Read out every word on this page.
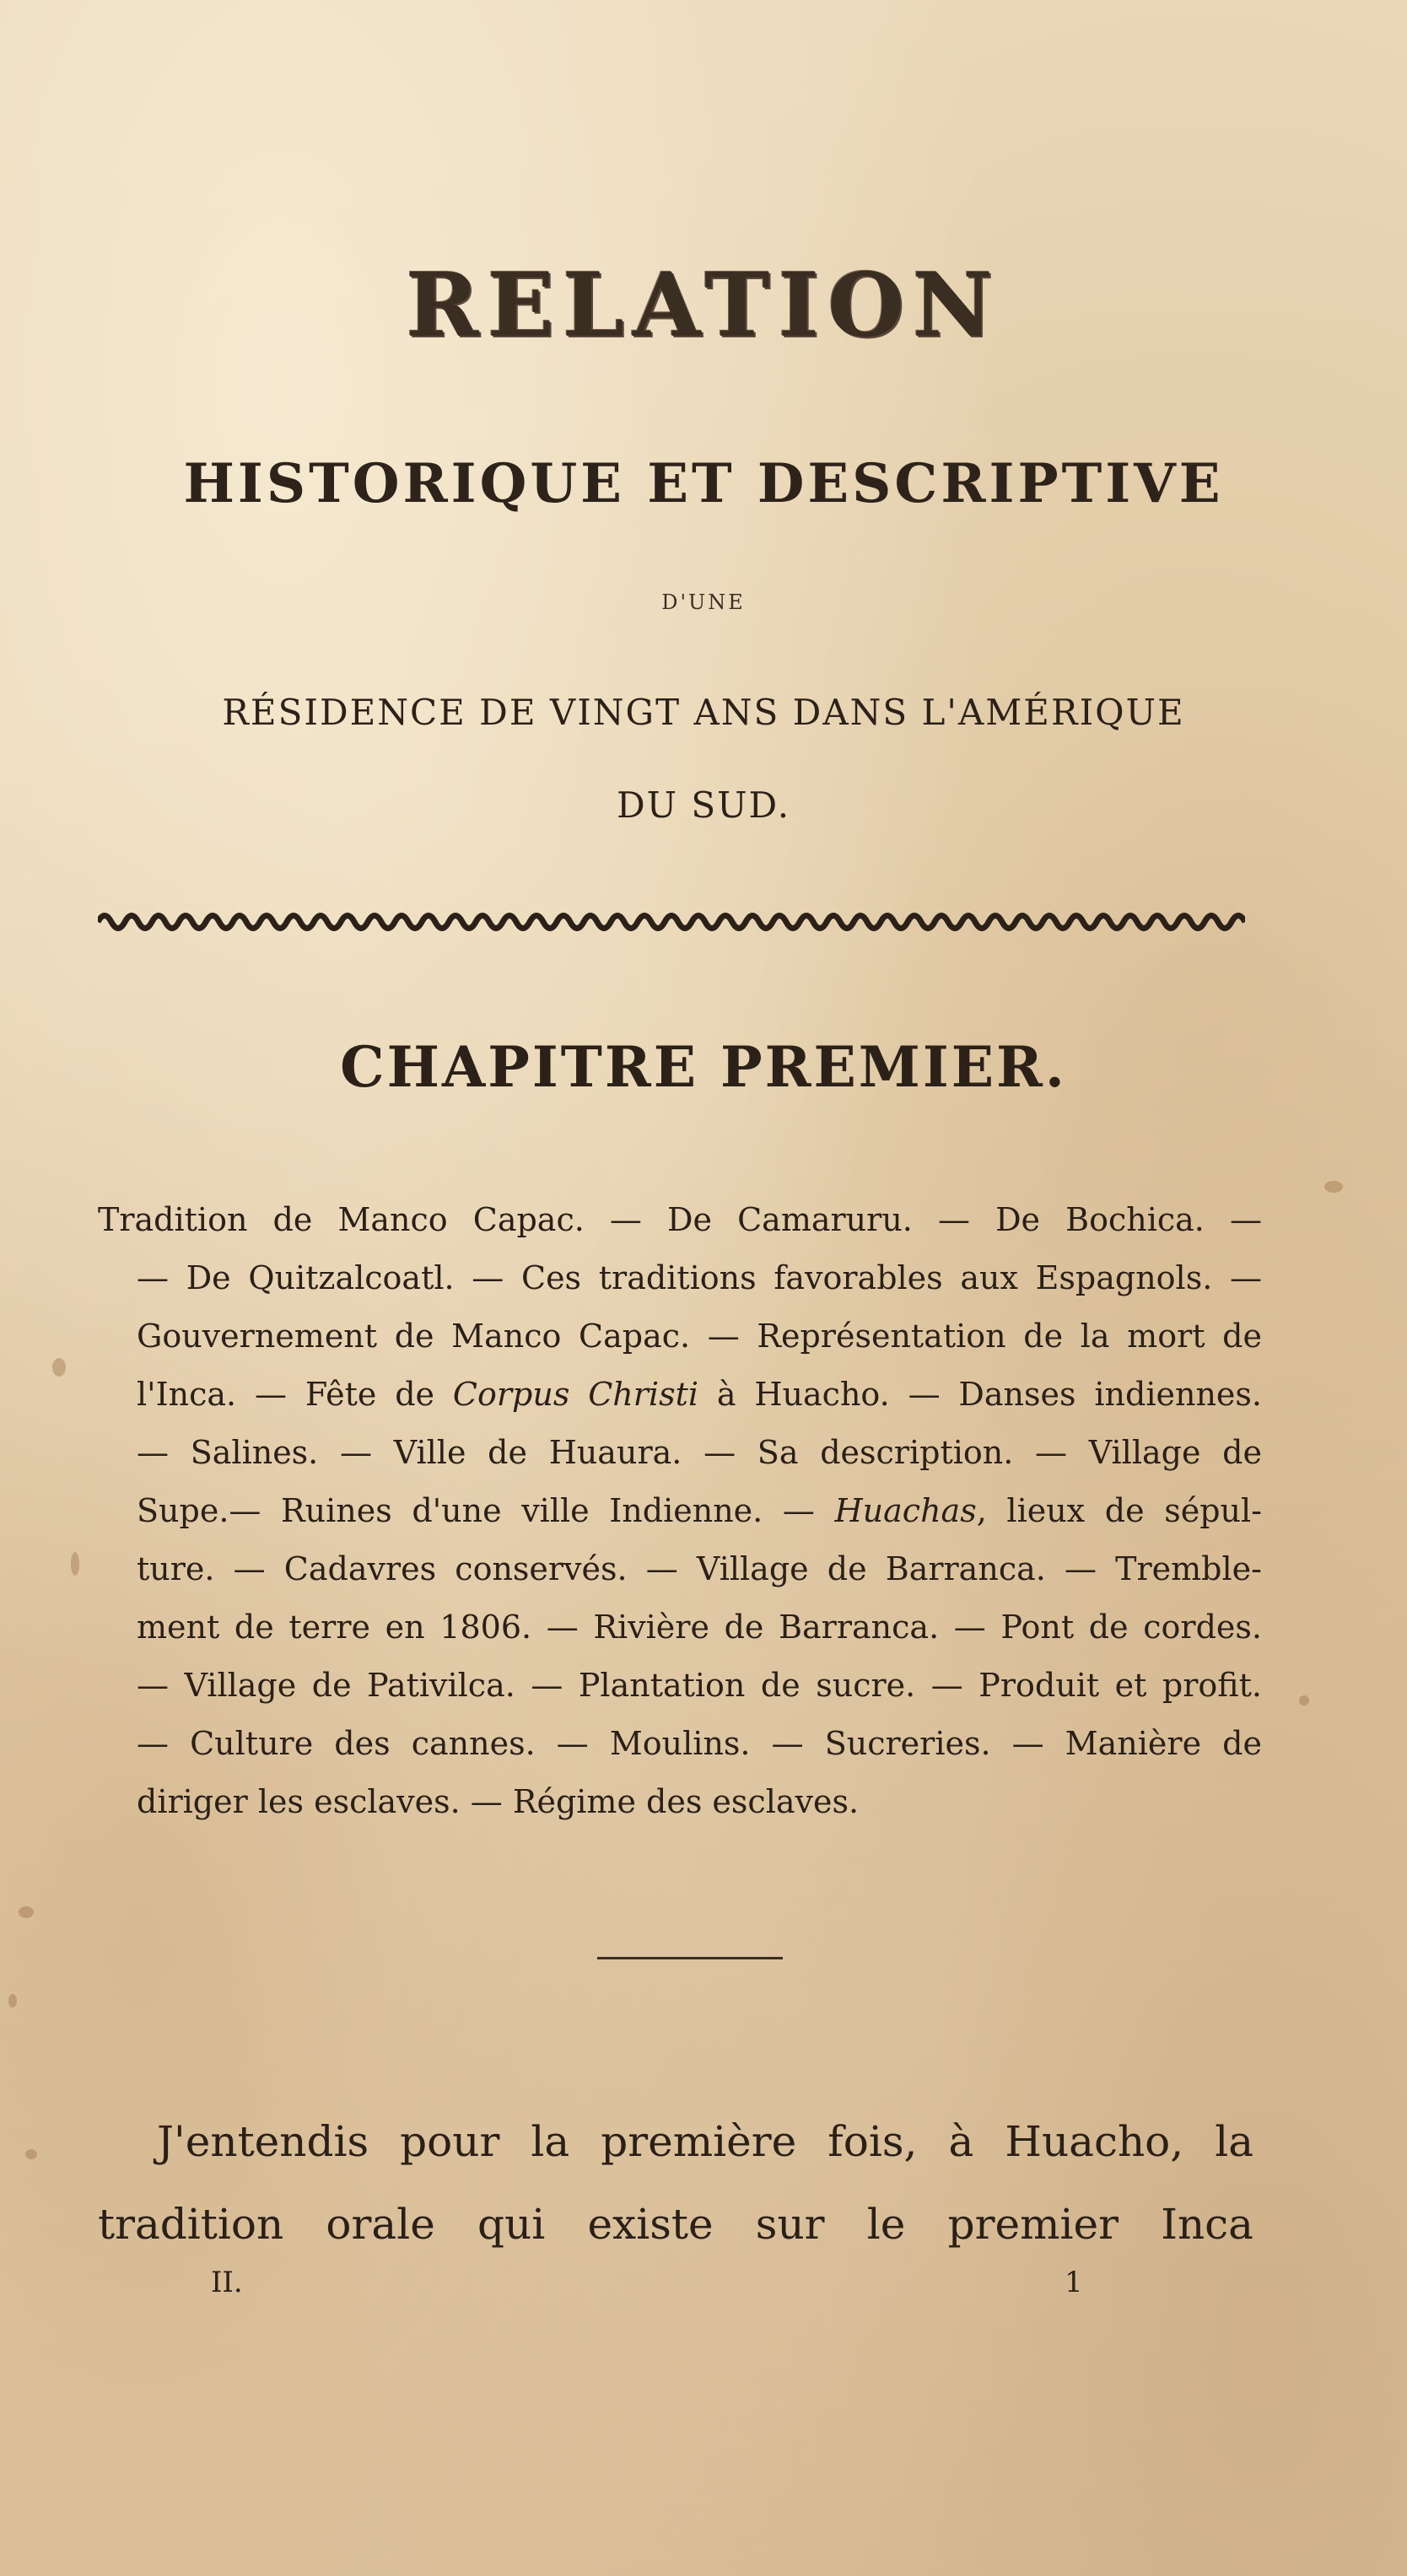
RELATION
HISTORIQUE ET DESCRIPTIVE
D'UNE
RÉSIDENCE DE VINGT ANS DANS L'AMÉRIQUE
DU SUD.
CHAPITRE PREMIER.
Tradition de Manco Capac. — De Camaruru. — De Bochica. —
— De Quitzalcoatl. — Ces traditions favorables aux Espagnols. —
Gouvernement de Manco Capac. — Représentation de la mort de
l'Inca. — Fête de Corpus Christi à Huacho. — Danses indiennes.
— Salines. — Ville de Huaura. — Sa description. — Village de
Supe.— Ruines d'une ville Indienne. — Huachas, lieux de sépul-
ture. — Cadavres conservés. — Village de Barranca. — Tremble-
ment de terre en 1806. — Rivière de Barranca. — Pont de cordes.
— Village de Pativilca. — Plantation de sucre. — Produit et profit.
— Culture des cannes. — Moulins. — Sucreries. — Manière de
diriger les esclaves. — Régime des esclaves.
J'entendis pour la première fois, à Huacho, la
tradition orale qui existe sur le premier Inca
II.	1
